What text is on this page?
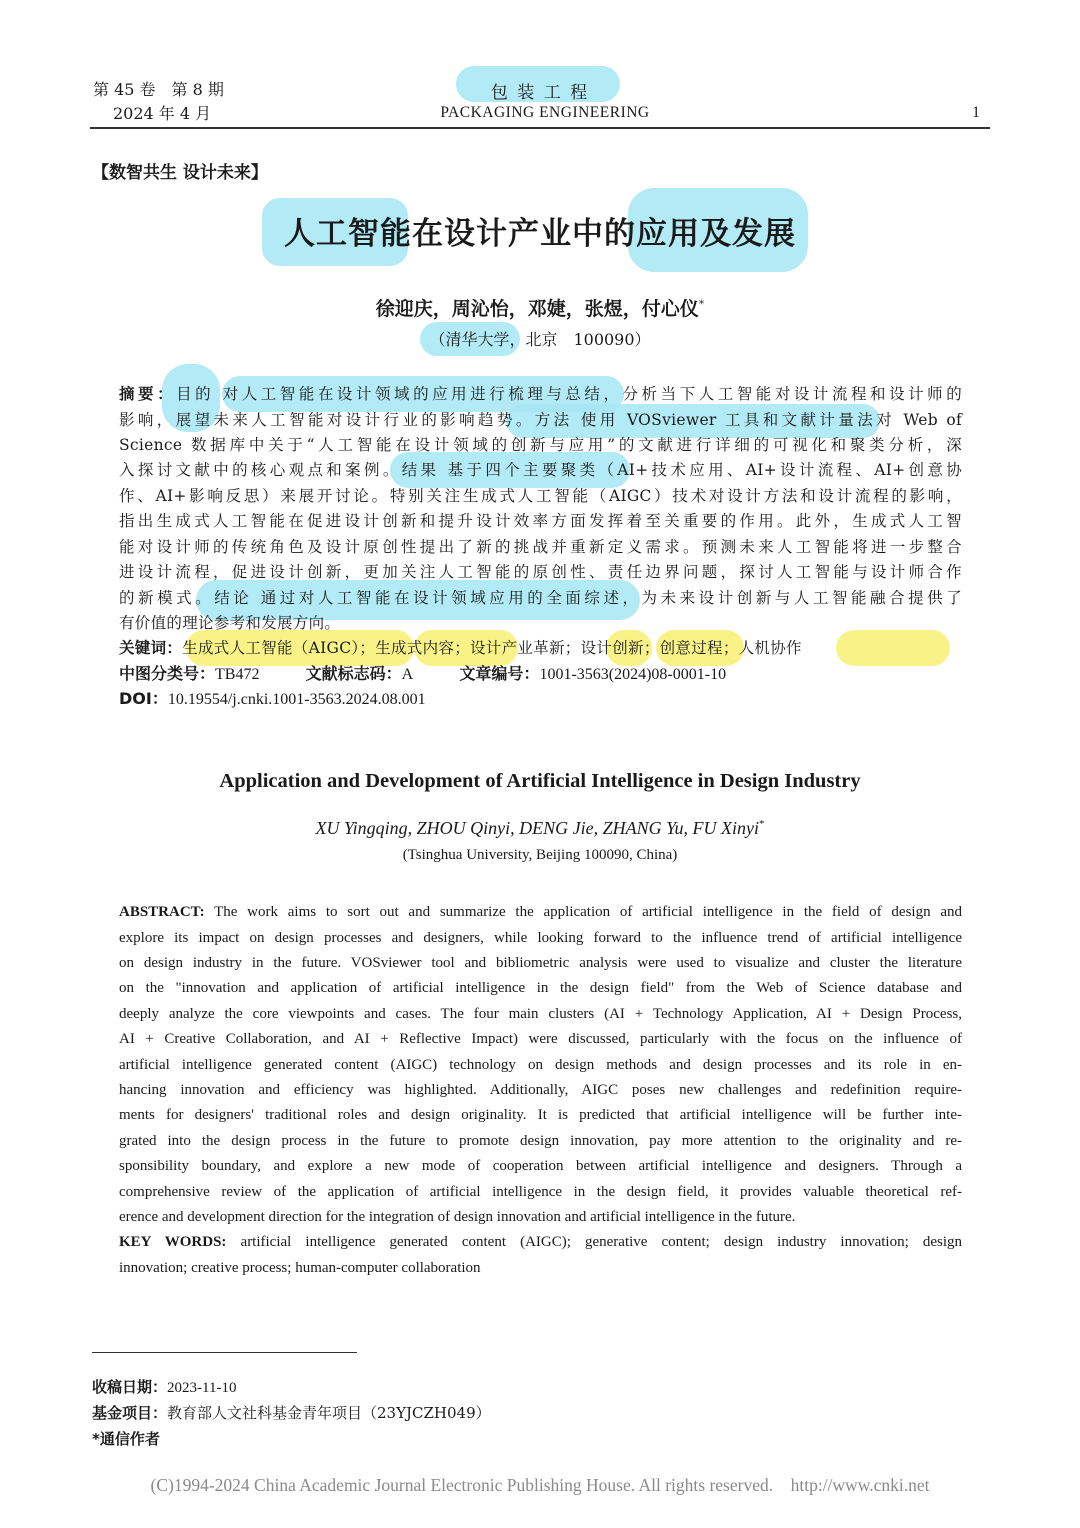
第 45 卷　第 8 期
2024 年 4 月
包 装 工 程
PACKAGING ENGINEERING	1
【数智共生 设计未来】
人工智能在设计产业中的应用及发展
徐迎庆，周沁怡，邓婕，张煜，付心仪*
（清华大学，北京　100090）
摘要：目的 对人工智能在设计领域的应用进行梳理与总结，分析当下人工智能对设计流程和设计师的
影响，展望未来人工智能对设计行业的影响趋势。方法 使用 VOSviewer 工具和文献计量法对 Web of
Science 数据库中关于“人工智能在设计领域的创新与应用”的文献进行详细的可视化和聚类分析，深
入探讨文献中的核心观点和案例。结果 基于四个主要聚类（AI+技术应用、AI+设计流程、AI+创意协
作、AI+影响反思）来展开讨论。特别关注生成式人工智能（AIGC）技术对设计方法和设计流程的影响，
指出生成式人工智能在促进设计创新和提升设计效率方面发挥着至关重要的作用。此外，生成式人工智
能对设计师的传统角色及设计原创性提出了新的挑战并重新定义需求。预测未来人工智能将进一步整合
进设计流程，促进设计创新，更加关注人工智能的原创性、责任边界问题，探讨人工智能与设计师合作
的新模式。结论 通过对人工智能在设计领域应用的全面综述，为未来设计创新与人工智能融合提供了
有价值的理论参考和发展方向。
关键词：生成式人工智能（AIGC）；生成式内容；设计产业革新；设计创新；创意过程；人机协作
中图分类号：TB472	文献标志码：A	文章编号：1001-3563(2024)08-0001-10
DOI：10.19554/j.cnki.1001-3563.2024.08.001
Application and Development of Artificial Intelligence in Design Industry
XU Yingqing, ZHOU Qinyi, DENG Jie, ZHANG Yu, FU Xinyi*
(Tsinghua University, Beijing 100090, China)
ABSTRACT: The work aims to sort out and summarize the application of artificial intelligence in the field of design and
explore its impact on design processes and designers, while looking forward to the influence trend of artificial intelligence
on design industry in the future. VOSviewer tool and bibliometric analysis were used to visualize and cluster the literature
on the "innovation and application of artificial intelligence in the design field" from the Web of Science database and
deeply analyze the core viewpoints and cases. The four main clusters (AI + Technology Application, AI + Design Process,
AI + Creative Collaboration, and AI + Reflective Impact) were discussed, particularly with the focus on the influence of
artificial intelligence generated content (AIGC) technology on design methods and design processes and its role in en-
hancing innovation and efficiency was highlighted. Additionally, AIGC poses new challenges and redefinition require-
ments for designers' traditional roles and design originality. It is predicted that artificial intelligence will be further inte-
grated into the design process in the future to promote design innovation, pay more attention to the originality and re-
sponsibility boundary, and explore a new mode of cooperation between artificial intelligence and designers. Through a
comprehensive review of the application of artificial intelligence in the design field, it provides valuable theoretical ref-
erence and development direction for the integration of design innovation and artificial intelligence in the future.
KEY WORDS: artificial intelligence generated content (AIGC); generative content; design industry innovation; design
innovation; creative process; human-computer collaboration
收稿日期：2023-11-10
基金项目：教育部人文社科基金青年项目（23YJCZH049）
*通信作者
(C)1994-2024 China Academic Journal Electronic Publishing House. All rights reserved.    http://www.cnki.net
